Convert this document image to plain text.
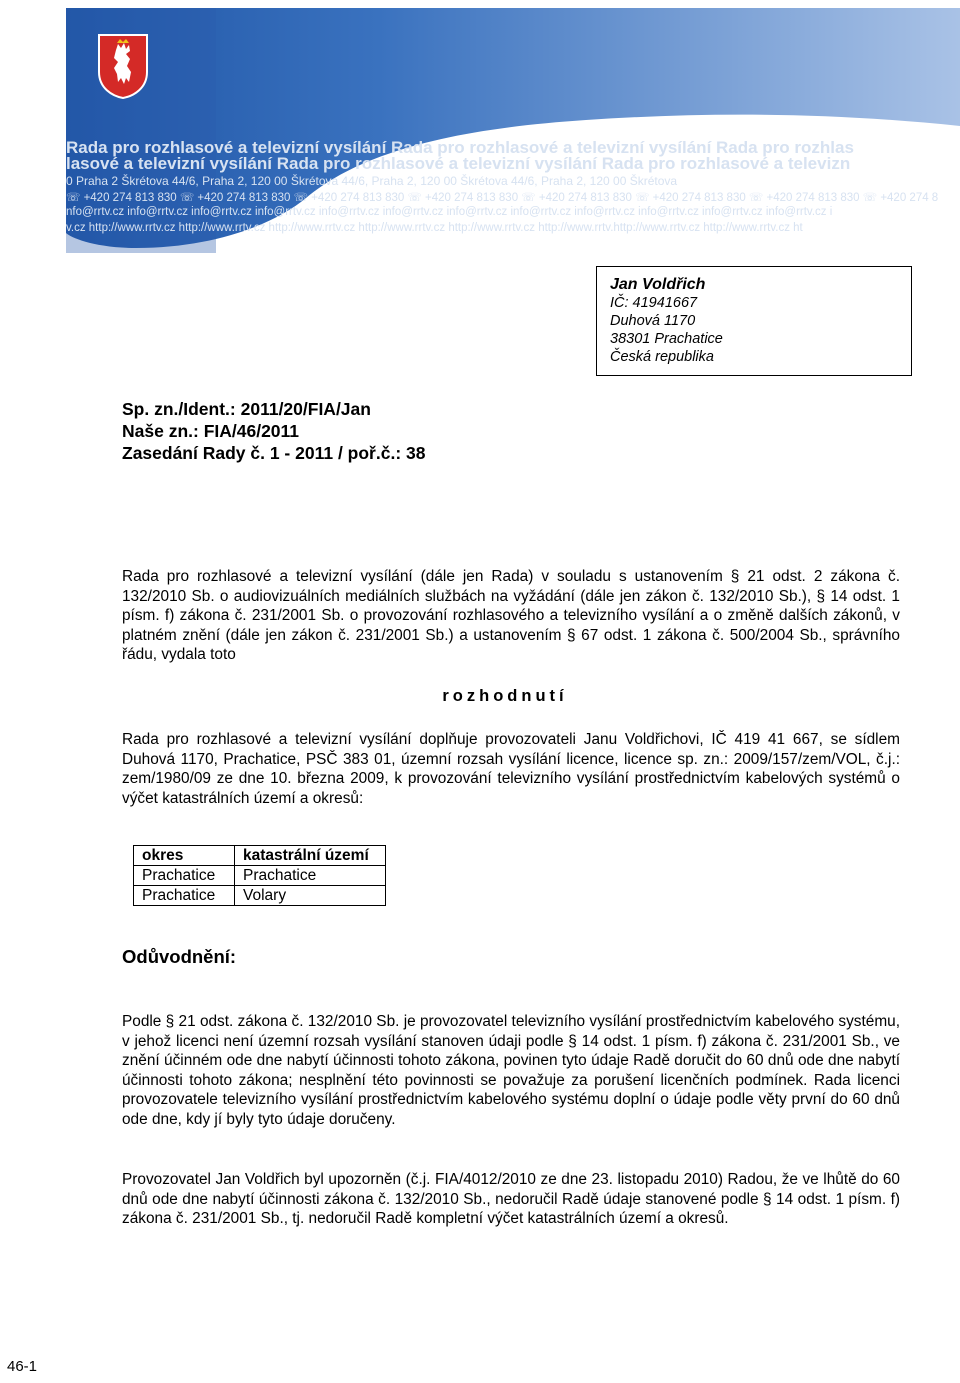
Rada pro rozhlasové a televizní vysílání Rada pro rozhlasové a televizní vysílání Rada pro rozhlas
lasové a televizní vysílání Rada pro rozhlasové a televizní vysílání Rada pro rozhlasové a televizn
0 Praha 2 Škrétova 44/6, Praha 2, 120 00 Škrétova 44/6, Praha 2, 120 00 Škrétova 44/6, Praha 2, 120 00 Škrétova
☏ +420 274 813 830 ☏ +420 274 813 830 ☏ +420 274 813 830 ☏ +420 274 813 830 ☏ +420 274 813 830 ☏ +420 274 813 830 ☏ +420 274 813 830 ☏ +420 274 8
nfo@rrtv.cz info@rrtv.cz info@rrtv.cz info@rrtv.cz info@rrtv.cz info@rrtv.cz info@rrtv.cz info@rrtv.cz info@rrtv.cz info@rrtv.cz info@rrtv.cz info@rrtv.cz i
v.cz http://www.rrtv.cz http://www.rrtv.cz http://www.rrtv.cz http://www.rrtv.cz http://www.rrtv.cz http://www.rrtv.http://www.rrtv.cz http://www.rrtv.cz ht
Jan Voldřich
IČ: 41941667
Duhová 1170
38301 Prachatice
Česká republika
Sp. zn./Ident.: 2011/20/FIA/Jan
Naše zn.: FIA/46/2011
Zasedání Rady č. 1 - 2011 / poř.č.: 38
Rada pro rozhlasové a televizní vysílání (dále jen Rada) v souladu s ustanovením § 21 odst. 2 zákona č. 132/2010 Sb. o audiovizuálních mediálních službách na vyžádání (dále jen zákon č. 132/2010 Sb.), § 14 odst. 1 písm. f) zákona č. 231/2001 Sb. o provozování rozhlasového a televizního vysílání a o změně dalších zákonů, v platném znění (dále jen zákon č. 231/2001 Sb.) a ustanovením § 67 odst. 1 zákona č. 500/2004 Sb., správního řádu, vydala toto
rozhodnutí
Rada pro rozhlasové a televizní vysílání doplňuje provozovateli Janu Voldřichovi, IČ 419 41 667, se sídlem Duhová 1170, Prachatice, PSČ 383 01, územní rozsah vysílání licence, licence sp. zn.: 2009/157/zem/VOL, č.j.: zem/1980/09 ze dne 10. března 2009, k provozování televizního vysílání prostřednictvím kabelových systémů o výčet katastrálních území a okresů:
okres	katastrální území
Prachatice	Prachatice
Prachatice	Volary
Odůvodnění:
Podle § 21 odst. zákona č. 132/2010 Sb. je provozovatel televizního vysílání prostřednictvím kabelového systému, v jehož licenci není územní rozsah vysílání stanoven údaji podle § 14 odst. 1 písm. f) zákona č. 231/2001 Sb., ve znění účinném ode dne nabytí účinnosti tohoto zákona, povinen tyto údaje Radě doručit do 60 dnů ode dne nabytí účinnosti tohoto zákona; nesplnění této povinnosti se považuje za porušení licenčních podmínek. Rada licenci provozovatele televizního vysílání prostřednictvím kabelového systému doplní o údaje podle věty první do 60 dnů ode dne, kdy jí byly tyto údaje doručeny.
Provozovatel Jan Voldřich byl upozorněn (č.j. FIA/4012/2010 ze dne 23. listopadu 2010) Radou, že ve lhůtě do 60 dnů ode dne nabytí účinnosti zákona č. 132/2010 Sb., nedoručil Radě údaje stanovené podle § 14 odst. 1 písm. f) zákona č. 231/2001 Sb., tj. nedoručil Radě kompletní výčet katastrálních území a okresů.
46-1
